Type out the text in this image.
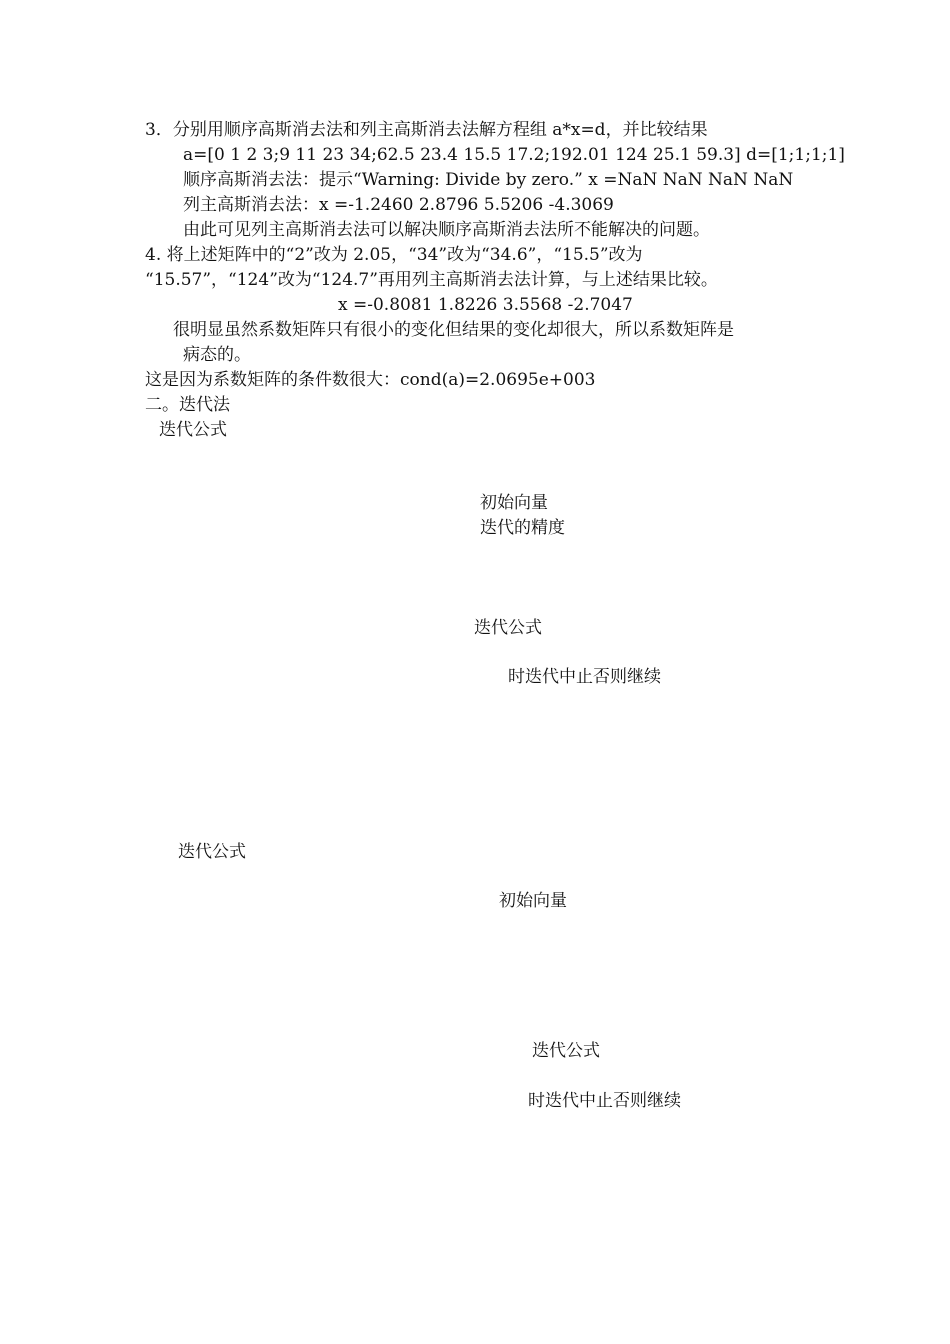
3．分别用顺序高斯消去法和列主高斯消去法解方程组 a*x=d，并比较结果
a=[0 1 2 3;9 11 23 34;62.5 23.4 15.5 17.2;192.01 124 25.1 59.3] d=[1;1;1;1]
顺序高斯消去法：提示“Warning: Divide by zero.” x =NaN NaN NaN NaN
列主高斯消去法：x =-1.2460 2.8796 5.5206 -4.3069
由此可见列主高斯消去法可以解决顺序高斯消去法所不能解决的问题。
4. 将上述矩阵中的“2”改为 2.05，“34”改为“34.6”，“15.5”改为
“15.57”，“124”改为“124.7”再用列主高斯消去法计算，与上述结果比较。
x =-0.8081 1.8226 3.5568 -2.7047
很明显虽然系数矩阵只有很小的变化但结果的变化却很大，所以系数矩阵是
病态的。
这是因为系数矩阵的条件数很大：cond(a)=2.0695e+003
二。迭代法
迭代公式
初始向量
迭代的精度
迭代公式
时迭代中止否则继续
迭代公式
初始向量
迭代公式
时迭代中止否则继续
